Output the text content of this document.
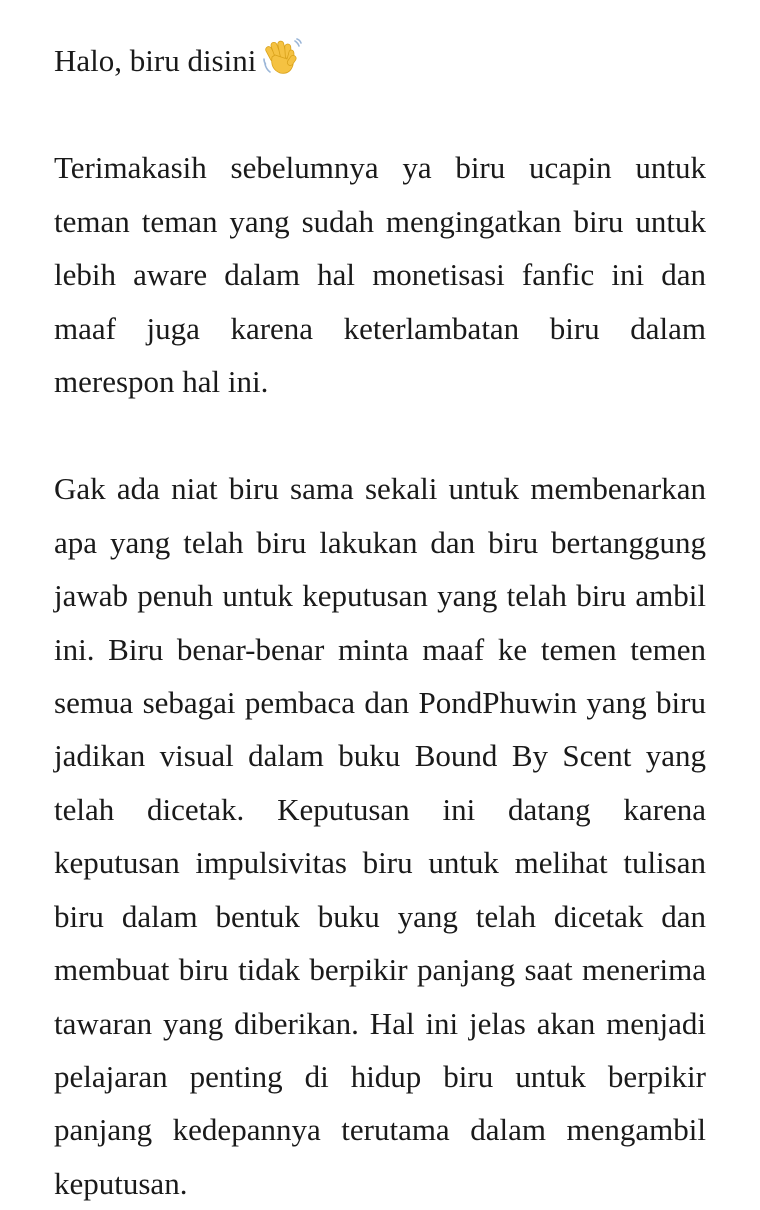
Halo, biru disini

Terimakasih sebelumnya ya biru ucapin untuk teman teman yang sudah mengingatkan biru untuk lebih aware dalam hal monetisasi fanfic ini dan maaf juga karena keterlambatan biru dalam merespon hal ini.

Gak ada niat biru sama sekali untuk membenarkan apa yang telah biru lakukan dan biru bertanggung jawab penuh untuk keputusan yang telah biru ambil ini. Biru benar-benar minta maaf ke temen temen semua sebagai pembaca dan PondPhuwin yang biru jadikan visual dalam buku Bound By Scent yang telah dicetak. Keputusan ini datang karena keputusan impulsivitas biru untuk melihat tulisan biru dalam bentuk buku yang telah dicetak dan membuat biru tidak berpikir panjang saat menerima tawaran yang diberikan. Hal ini jelas akan menjadi pelajaran penting di hidup biru untuk berpikir panjang kedepannya terutama dalam mengambil keputusan.
